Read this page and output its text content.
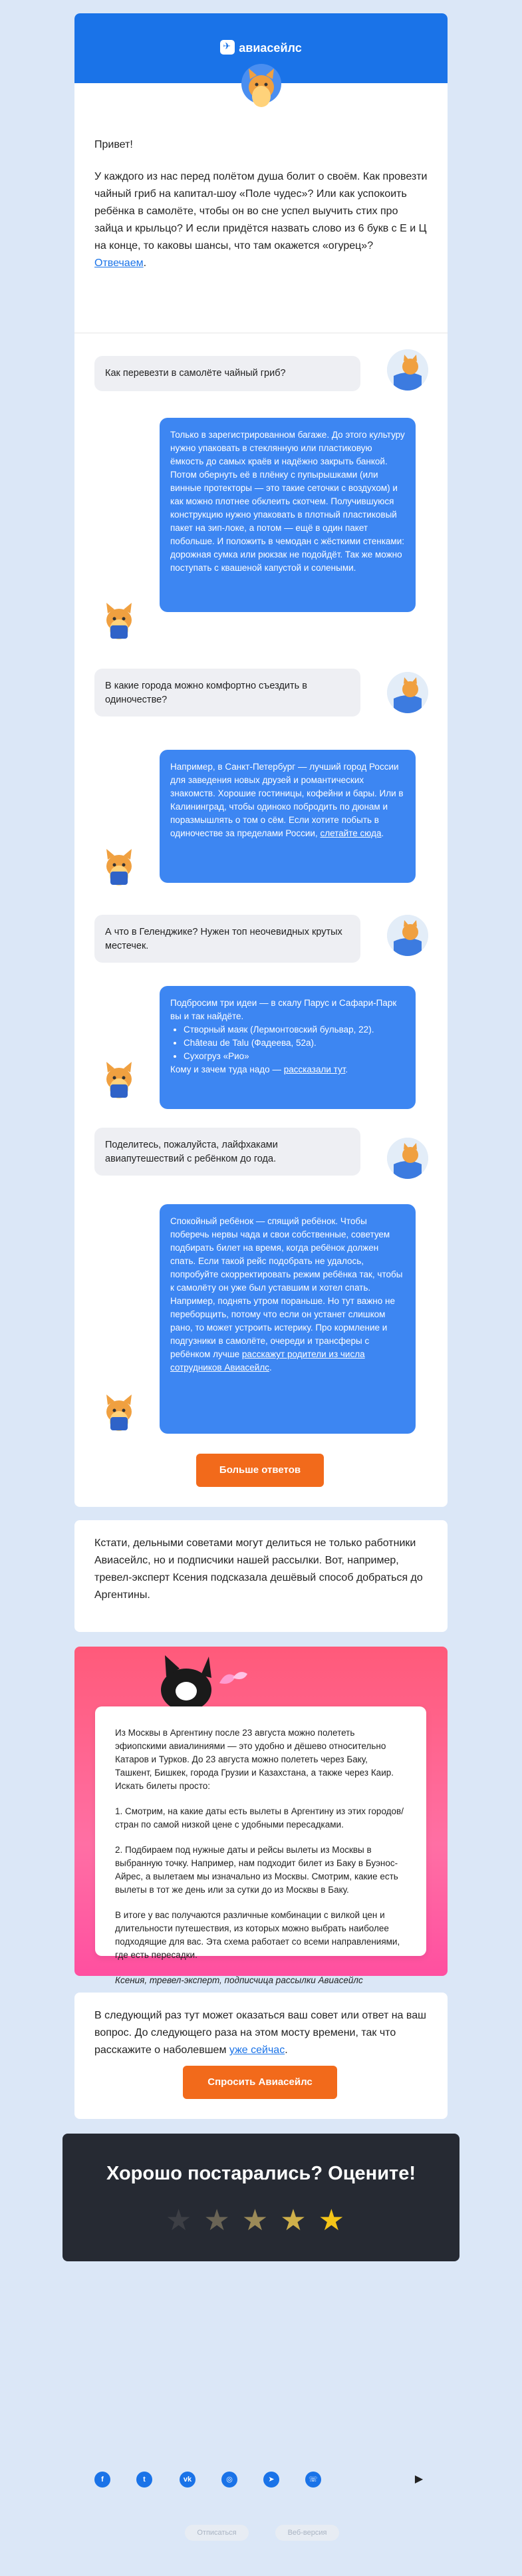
✈авиасейлс

Привет!

У каждого из нас перед полётом душа болит о своём. Как провезти чайный гриб на капитал-шоу «Поле чудес»? Или как успокоить ребёнка в самолёте, чтобы он во сне успел выучить стих про зайца и крыльцо? И если придётся назвать слово из 6 букв с Е и Ц на конце, то каковы шансы, что там окажется «огурец»? Отвечаем.

Как перевезти в самолёте чайный гриб?
Только в зарегистрированном багаже. До этого культуру нужно упаковать в стеклянную или пластиковую ёмкость до самых краёв и надёжно закрыть банкой. Потом обернуть её в плёнку с пупырышками (или винные протекторы — это такие сеточки с воздухом) и как можно плотнее обклеить скотчем. Получившуюся конструкцию нужно упаковать в плотный пластиковый пакет на зип-локе, а потом — ещё в один пакет побольше. И положить в чемодан с жёсткими стенками: дорожная сумка или рюкзак не подойдёт. Так же можно поступать с квашеной капустой и солеными.
В какие города можно комфортно съездить в одиночестве?
Например, в Санкт-Петербург — лучший город России для заведения новых друзей и романтических знакомств. Хорошие гостиницы, кофейни и бары. Или в Калининград, чтобы одиноко побродить по дюнам и поразмышлять о том о сём. Если хотите побыть в одиночестве за пределами России, слетайте сюда.
А что в Геленджике? Нужен топ неочевидных крутых местечек.
Подбросим три идеи — в скалу Парус и Сафари-Парк вы и так найдёте.
• Створный маяк (Лермонтовский бульвар, 22).
• Château de Talu (Фадеева, 52а).
• Сухогруз «Рио»
Кому и зачем туда надо — рассказали тут.
Поделитесь, пожалуйста, лайфхаками авиапутешествий с ребёнком до года.
Спокойный ребёнок — спящий ребёнок. Чтобы поберечь нервы чада и свои собственные, советуем подбирать билет на время, когда ребёнок должен спать. Если такой рейс подобрать не удалось, попробуйте скорректировать режим ребёнка так, чтобы к самолёту он уже был уставшим и хотел спать. Например, поднять утром пораньше. Но тут важно не переборщить, потому что если он устанет слишком рано, то может устроить истерику. Про кормление и подгузники в самолёте, очереди и трансферы с ребёнком лучше расскажут родители из числа сотрудников Авиасейлс.
Больше ответов

Кстати, дельными советами могут делиться не только работники Авиасейлс, но и подписчики нашей рассылки. Вот, например, тревел-эксперт Ксения подсказала дешёвый способ добраться до Аргентины.

Из Москвы в Аргентину после 23 августа можно полететь эфиопскими авиалиниями — это удобно и дёшево относительно Катаров и Турков. До 23 августа можно полететь через Баку, Ташкент, Бишкек, города Грузии и Казахстана, а также через Каир. Искать билеты просто:

1. Смотрим, на какие даты есть вылеты в Аргентину из этих городов/стран по самой низкой цене с удобными пересадками.

2. Подбираем под нужные даты и рейсы вылеты из Москвы в выбранную точку. Например, нам подходит билет из Баку в Буэнос-Айрес, а вылетаем мы изначально из Москвы. Смотрим, какие есть вылеты в тот же день или за сутки до из Москвы в Баку.

В итоге у вас получаются различные комбинации с вилкой цен и длительности путешествия, из которых можно выбрать наиболее подходящие для вас. Эта схема работает со всеми направлениями, где есть пересадки.

Ксения, тревел-эксперт, подписчица рассылки Авиасейлс

В следующий раз тут может оказаться ваш совет или ответ на ваш вопрос. До следующего раза на этом мосту времени, так что расскажите о наболевшем уже сейчас.

Спросить Авиасейлс
Хорошо постарались? Оцените!
★★★★★
f	t	vk	◎	➤	☏	▶
Отписаться	Веб-версия
